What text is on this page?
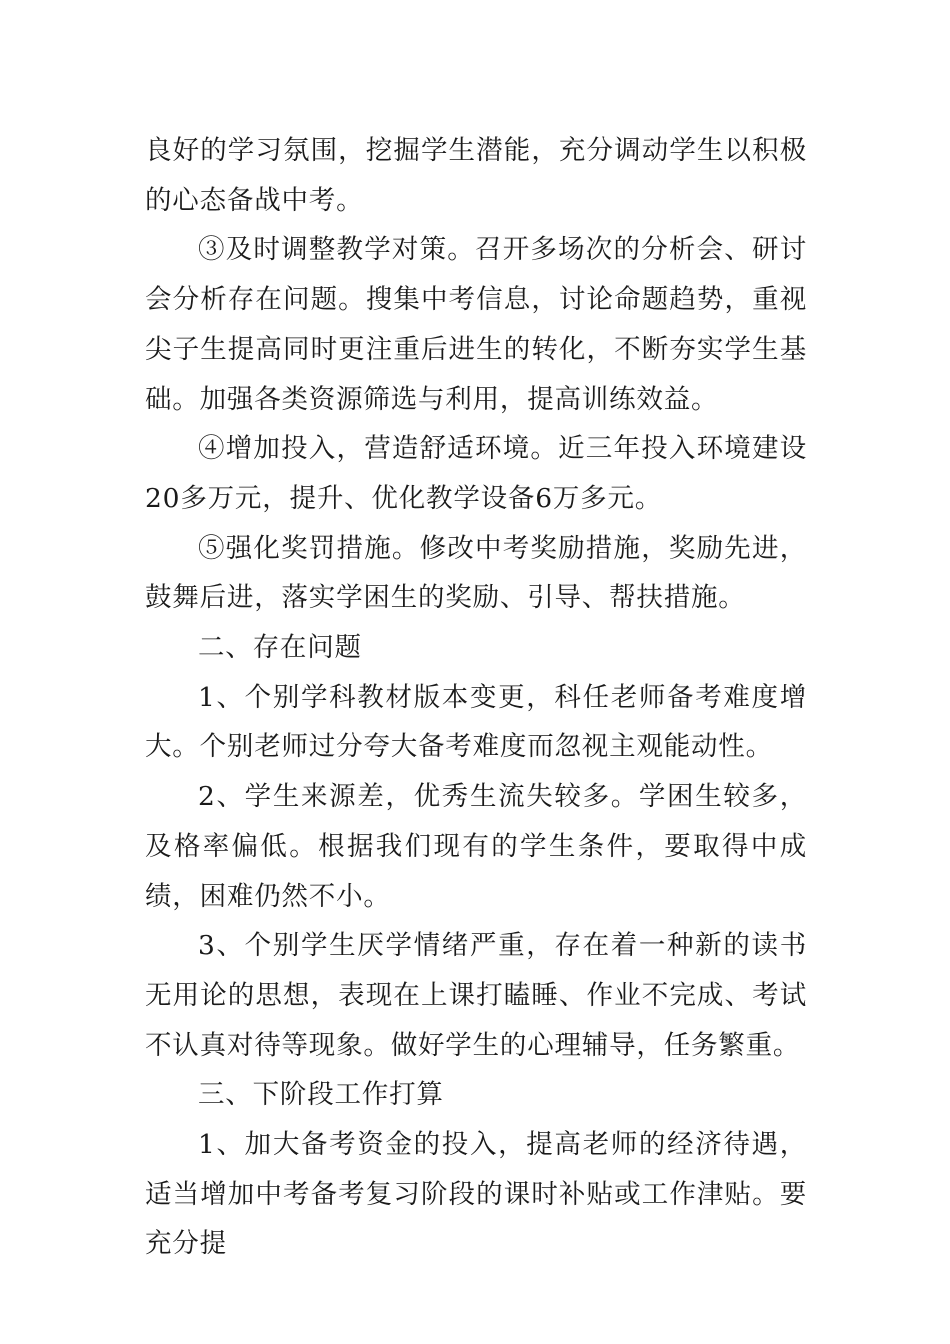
良好的学习氛围，挖掘学生潜能，充分调动学生以积极的心态备战中考。

③及时调整教学对策。召开多场次的分析会、研讨会分析存在问题。搜集中考信息，讨论命题趋势，重视尖子生提高同时更注重后进生的转化，不断夯实学生基础。加强各类资源筛选与利用，提高训练效益。

④增加投入，营造舒适环境。近三年投入环境建设20多万元，提升、优化教学设备6万多元。

⑤强化奖罚措施。修改中考奖励措施，奖励先进，鼓舞后进，落实学困生的奖励、引导、帮扶措施。

二、存在问题

1、个别学科教材版本变更，科任老师备考难度增大。个别老师过分夸大备考难度而忽视主观能动性。

2、学生来源差，优秀生流失较多。学困生较多，及格率偏低。根据我们现有的学生条件，要取得中成绩，困难仍然不小。

3、个别学生厌学情绪严重，存在着一种新的读书无用论的思想，表现在上课打瞌睡、作业不完成、考试不认真对待等现象。做好学生的心理辅导，任务繁重。

三、下阶段工作打算

1、加大备考资金的投入，提高老师的经济待遇，适当增加中考备考复习阶段的课时补贴或工作津贴。要充分提
